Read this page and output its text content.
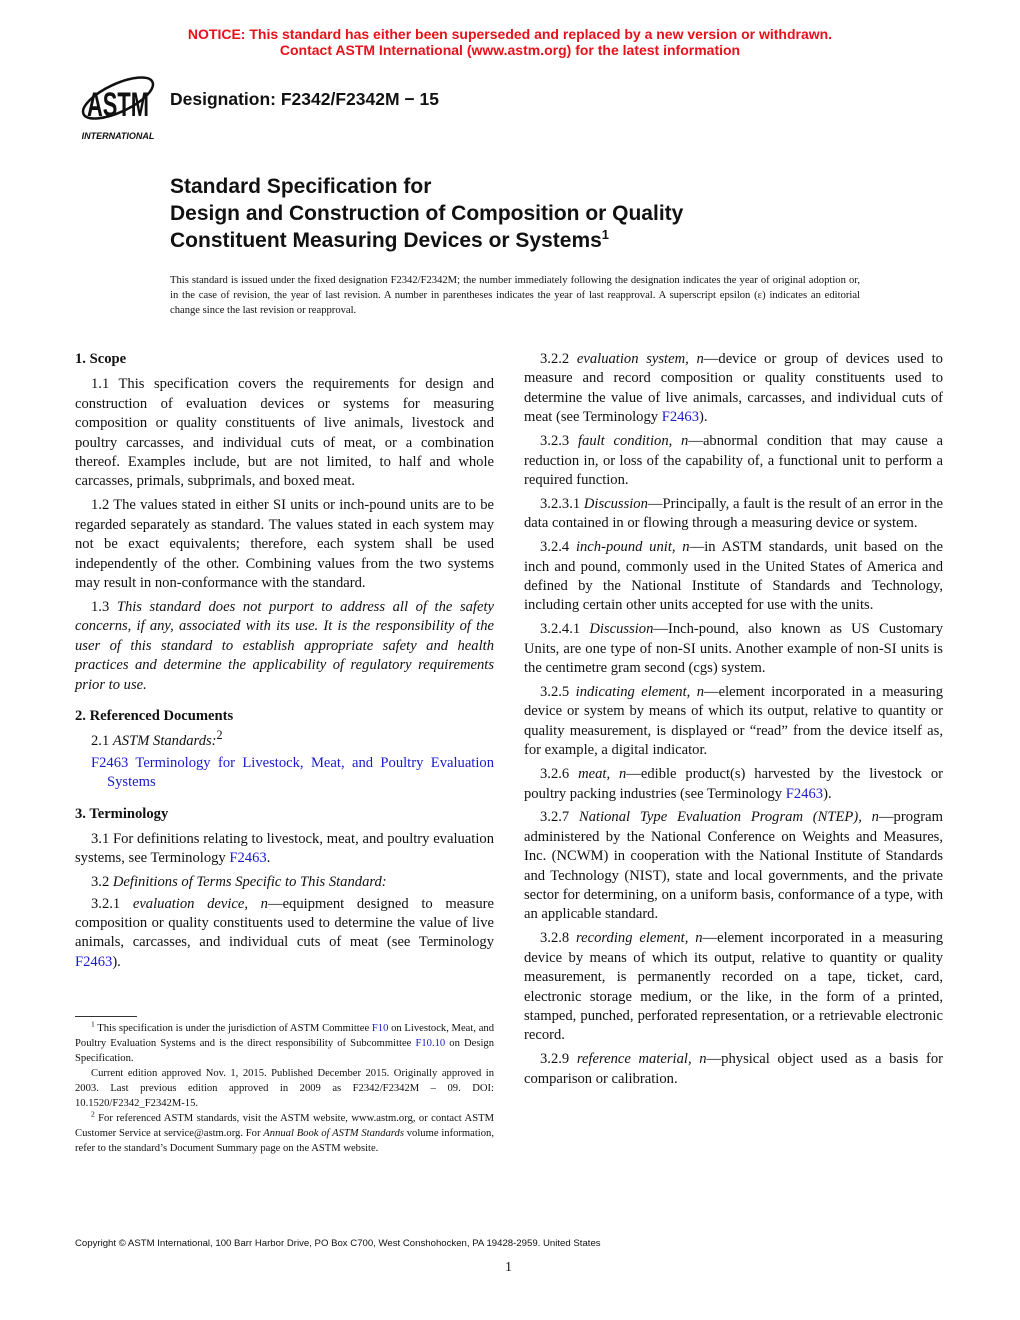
NOTICE: This standard has either been superseded and replaced by a new version or withdrawn.
Contact ASTM International (www.astm.org) for the latest information
ASTM
INTERNATIONAL
Designation: F2342/F2342M − 15
Standard Specification for
Design and Construction of Composition or Quality
Constituent Measuring Devices or Systems$^1$
This standard is issued under the fixed designation F2342/F2342M; the number immediately following the designation indicates the year of original adoption or, in the case of revision, the year of last revision. A number in parentheses indicates the year of last reapproval. A superscript epsilon (ε) indicates an editorial change since the last revision or reapproval.
1. Scope

1.1 This specification covers the requirements for design and construction of evaluation devices or systems for measuring composition or quality constituents of live animals, livestock and poultry carcasses, and individual cuts of meat, or a combination thereof. Examples include, but are not limited, to half and whole carcasses, primals, subprimals, and boxed meat.

1.2 The values stated in either SI units or inch-pound units are to be regarded separately as standard. The values stated in each system may not be exact equivalents; therefore, each system shall be used independently of the other. Combining values from the two systems may result in non-conformance with the standard.

1.3 This standard does not purport to address all of the safety concerns, if any, associated with its use. It is the responsibility of the user of this standard to establish appropriate safety and health practices and determine the applicability of regulatory requirements prior to use.

2. Referenced Documents

2.1 ASTM Standards:$^2$

F2463 Terminology for Livestock, Meat, and Poultry Evaluation Systems

3. Terminology

3.1 For definitions relating to livestock, meat, and poultry evaluation systems, see Terminology F2463.

3.2 Definitions of Terms Specific to This Standard:

3.2.1 evaluation device, n—equipment designed to measure composition or quality constituents used to determine the value of live animals, carcasses, and individual cuts of meat (see Terminology F2463).

3.2.2 evaluation system, n—device or group of devices used to measure and record composition or quality constituents used to determine the value of live animals, carcasses, and individual cuts of meat (see Terminology F2463).

3.2.3 fault condition, n—abnormal condition that may cause a reduction in, or loss of the capability of, a functional unit to perform a required function.

3.2.3.1 Discussion—Principally, a fault is the result of an error in the data contained in or flowing through a measuring device or system.

3.2.4 inch-pound unit, n—in ASTM standards, unit based on the inch and pound, commonly used in the United States of America and defined by the National Institute of Standards and Technology, including certain other units accepted for use with the units.

3.2.4.1 Discussion—Inch-pound, also known as US Customary Units, are one type of non-SI units. Another example of non-SI units is the centimetre gram second (cgs) system.

3.2.5 indicating element, n—element incorporated in a measuring device or system by means of which its output, relative to quantity or quality measurement, is displayed or “read” from the device itself as, for example, a digital indicator.

3.2.6 meat, n—edible product(s) harvested by the livestock or poultry packing industries (see Terminology F2463).

3.2.7 National Type Evaluation Program (NTEP), n—program administered by the National Conference on Weights and Measures, Inc. (NCWM) in cooperation with the National Institute of Standards and Technology (NIST), state and local governments, and the private sector for determining, on a uniform basis, conformance of a type, with an applicable standard.

3.2.8 recording element, n—element incorporated in a measuring device by means of which its output, relative to quantity or quality measurement, is permanently recorded on a tape, ticket, card, electronic storage medium, or the like, in the form of a printed, stamped, punched, perforated representation, or a retrievable electronic record.

3.2.9 reference material, n—physical object used as a basis for comparison or calibration.

$^1$ This specification is under the jurisdiction of ASTM Committee F10 on Livestock, Meat, and Poultry Evaluation Systems and is the direct responsibility of Subcommittee F10.10 on Design Specification.

Current edition approved Nov. 1, 2015. Published December 2015. Originally approved in 2003. Last previous edition approved in 2009 as F2342/F2342M – 09. DOI: 10.1520/F2342_F2342M-15.

$^2$ For referenced ASTM standards, visit the ASTM website, www.astm.org, or contact ASTM Customer Service at service@astm.org. For Annual Book of ASTM Standards volume information, refer to the standard’s Document Summary page on the ASTM website.

Copyright © ASTM International, 100 Barr Harbor Drive, PO Box C700, West Conshohocken, PA 19428-2959. United States
1
